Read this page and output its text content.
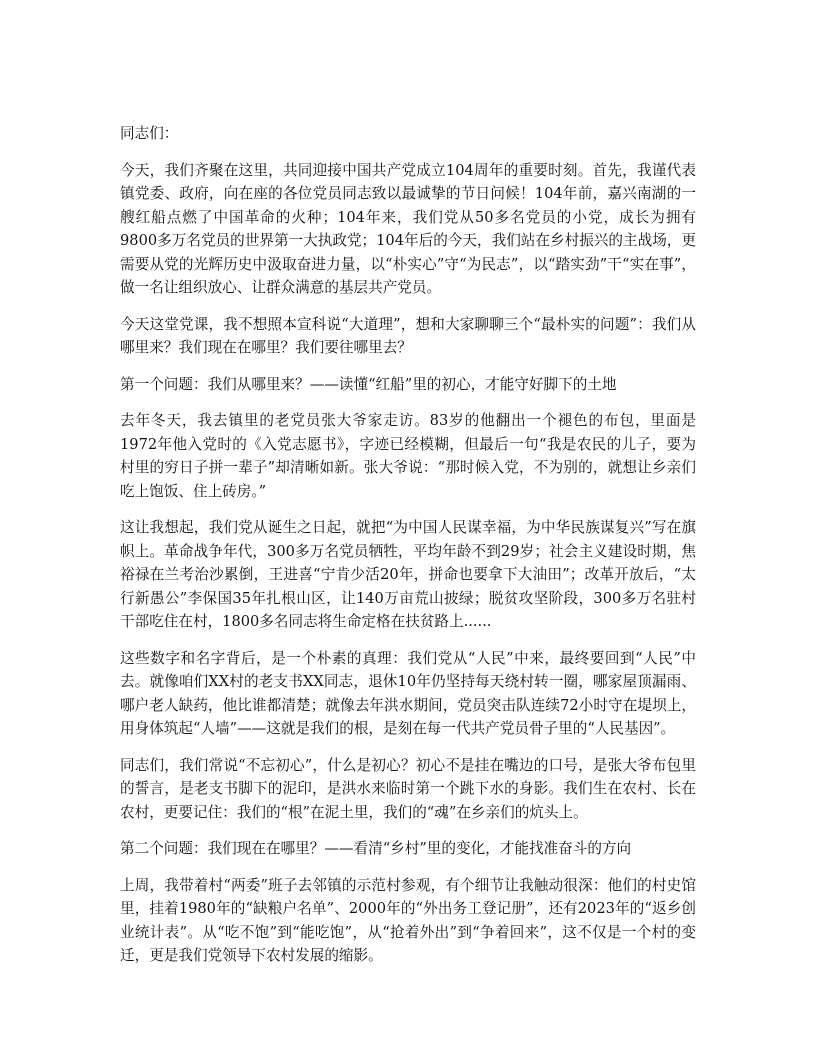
同志们：

今天，我们齐聚在这里，共同迎接中国共产党成立104周年的重要时刻。首先，我谨代表镇党委、政府，向在座的各位党员同志致以最诚挚的节日问候！104年前，嘉兴南湖的一艘红船点燃了中国革命的火种；104年来，我们党从50多名党员的小党，成长为拥有9800多万名党员的世界第一大执政党；104年后的今天，我们站在乡村振兴的主战场，更需要从党的光辉历史中汲取奋进力量，以“朴实心”守“为民志”，以“踏实劲”干“实在事”，做一名让组织放心、让群众满意的基层共产党员。

今天这堂党课，我不想照本宣科说“大道理”，想和大家聊聊三个“最朴实的问题”：我们从哪里来？我们现在在哪里？我们要往哪里去？

第一个问题：我们从哪里来？——读懂“红船”里的初心，才能守好脚下的土地

去年冬天，我去镇里的老党员张大爷家走访。83岁的他翻出一个褪色的布包，里面是1972年他入党时的《入党志愿书》，字迹已经模糊，但最后一句“我是农民的儿子，要为村里的穷日子拼一辈子”却清晰如新。张大爷说：“那时候入党，不为别的，就想让乡亲们吃上饱饭、住上砖房。”

这让我想起，我们党从诞生之日起，就把“为中国人民谋幸福，为中华民族谋复兴”写在旗帜上。革命战争年代，300多万名党员牺牲，平均年龄不到29岁；社会主义建设时期，焦裕禄在兰考治沙累倒，王进喜“宁肯少活20年，拼命也要拿下大油田”；改革开放后，“太行新愚公”李保国35年扎根山区，让140万亩荒山披绿；脱贫攻坚阶段，300多万名驻村干部吃住在村，1800多名同志将生命定格在扶贫路上......

这些数字和名字背后，是一个朴素的真理：我们党从“人民”中来，最终要回到“人民”中去。就像咱们XX村的老支书XX同志，退休10年仍坚持每天绕村转一圈，哪家屋顶漏雨、哪户老人缺药，他比谁都清楚；就像去年洪水期间，党员突击队连续72小时守在堤坝上，用身体筑起“人墙”——这就是我们的根，是刻在每一代共产党员骨子里的“人民基因”。

同志们，我们常说“不忘初心”，什么是初心？初心不是挂在嘴边的口号，是张大爷布包里的誓言，是老支书脚下的泥印，是洪水来临时第一个跳下水的身影。我们生在农村、长在农村，更要记住：我们的“根”在泥土里，我们的“魂”在乡亲们的炕头上。

第二个问题：我们现在在哪里？——看清“乡村”里的变化，才能找准奋斗的方向

上周，我带着村“两委”班子去邻镇的示范村参观，有个细节让我触动很深：他们的村史馆里，挂着1980年的“缺粮户名单”、2000年的“外出务工登记册”，还有2023年的“返乡创业统计表”。从“吃不饱”到“能吃饱”，从“抢着外出”到“争着回来”，这不仅是一个村的变迁，更是我们党领导下农村发展的缩影。
